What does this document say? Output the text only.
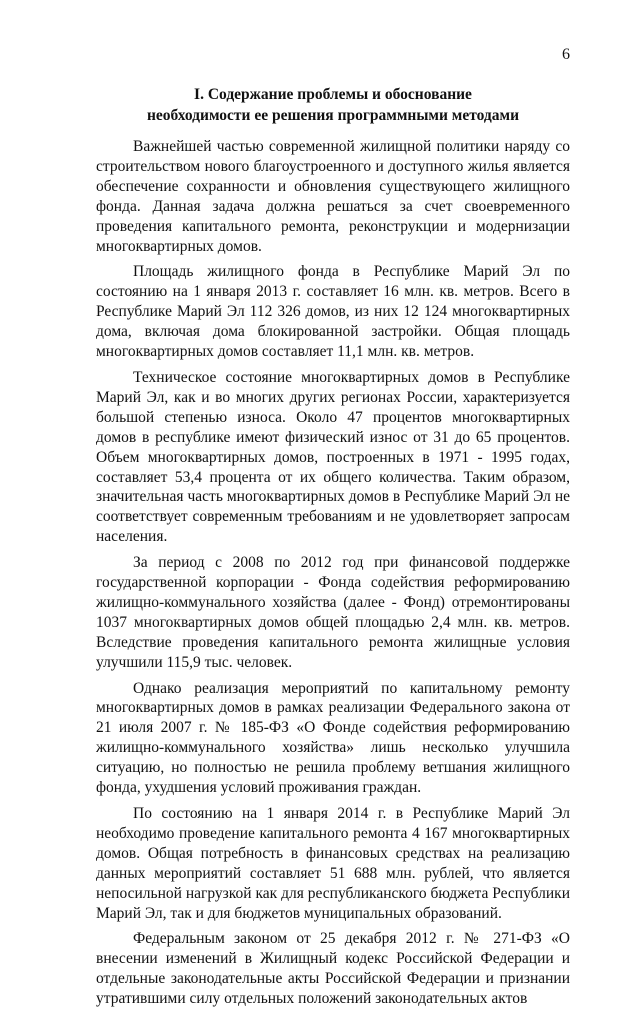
6
I. Содержание проблемы и обоснование
необходимости ее решения программными методами

Важнейшей частью современной жилищной политики наряду со строительством нового благоустроенного и доступного жилья является обеспечение сохранности и обновления существующего жилищного фонда. Данная задача должна решаться за счет своевременного проведения капитального ремонта, реконструкции и модернизации многоквартирных домов.

Площадь жилищного фонда в Республике Марий Эл по состоянию на 1 января 2013 г. составляет 16 млн. кв. метров. Всего в Республике Марий Эл 112 326 домов, из них 12 124 многоквартирных дома, включая дома блокированной застройки. Общая площадь многоквартирных домов составляет 11,1 млн. кв. метров.

Техническое состояние многоквартирных домов в Республике Марий Эл, как и во многих других регионах России, характеризуется большой степенью износа. Около 47 процентов многоквартирных домов в республике имеют физический износ от 31 до 65 процентов. Объем многоквартирных домов, построенных в 1971 - 1995 годах, составляет 53,4 процента от их общего количества. Таким образом, значительная часть многоквартирных домов в Республике Марий Эл не соответствует современным требованиям и не удовлетворяет запросам населения.

За период с 2008 по 2012 год при финансовой поддержке государственной корпорации - Фонда содействия реформированию жилищно-коммунального хозяйства (далее - Фонд) отремонтированы 1037 многоквартирных домов общей площадью 2,4 млн. кв. метров. Вследствие проведения капитального ремонта жилищные условия улучшили 115,9 тыс. человек.

Однако реализация мероприятий по капитальному ремонту многоквартирных домов в рамках реализации Федерального закона от 21 июля 2007 г. № 185-ФЗ «О Фонде содействия реформированию жилищно-коммунального хозяйства» лишь несколько улучшила ситуацию, но полностью не решила проблему ветшания жилищного фонда, ухудшения условий проживания граждан.

По состоянию на 1 января 2014 г. в Республике Марий Эл необходимо проведение капитального ремонта 4 167 многоквартирных домов. Общая потребность в финансовых средствах на реализацию данных мероприятий составляет 51 688 млн. рублей, что является непосильной нагрузкой как для республиканского бюджета Республики Марий Эл, так и для бюджетов муниципальных образований.

Федеральным законом от 25 декабря 2012 г. № 271-ФЗ «О внесении изменений в Жилищный кодекс Российской Федерации и отдельные законодательные акты Российской Федерации и признании утратившими силу отдельных положений законодательных актов
